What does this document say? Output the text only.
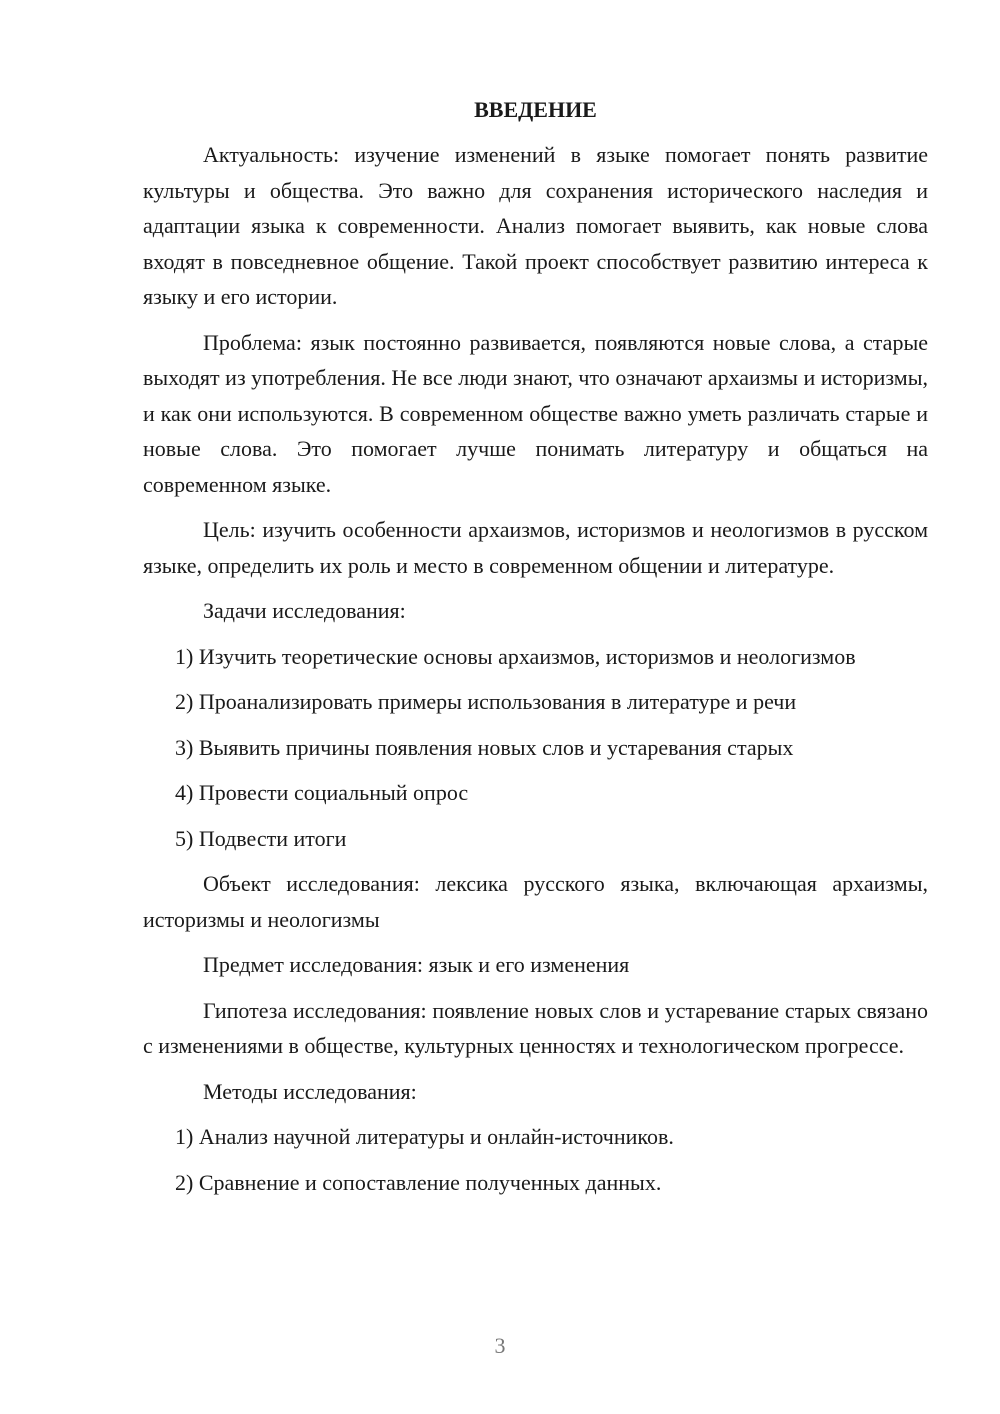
ВВЕДЕНИЕ

Актуальность: изучение изменений в языке помогает понять развитие культуры и общества. Это важно для сохранения исторического наследия и адаптации языка к современности. Анализ помогает выявить, как новые слова входят в повседневное общение. Такой проект способствует развитию интереса к языку и его истории.

Проблема: язык постоянно развивается, появляются новые слова, а старые выходят из употребления. Не все люди знают, что означают архаизмы и историзмы, и как они используются. В современном обществе важно уметь различать старые и новые слова. Это помогает лучше понимать литературу и общаться на современном языке.

Цель: изучить особенности архаизмов, историзмов и неологизмов в русском языке, определить их роль и место в современном общении и литературе.

Задачи исследования:

1) Изучить теоретические основы архаизмов, историзмов и неологизмов

2) Проанализировать примеры использования в литературе и речи

3) Выявить причины появления новых слов и устаревания старых

4) Провести социальный опрос

5) Подвести итоги

Объект исследования: лексика русского языка, включающая архаизмы, историзмы и неологизмы

Предмет исследования: язык и его изменения

Гипотеза исследования: появление новых слов и устаревание старых связано с изменениями в обществе, культурных ценностях и технологическом прогрессе.

Методы исследования:

1) Анализ научной литературы и онлайн-источников.

2) Сравнение и сопоставление полученных данных.

3
